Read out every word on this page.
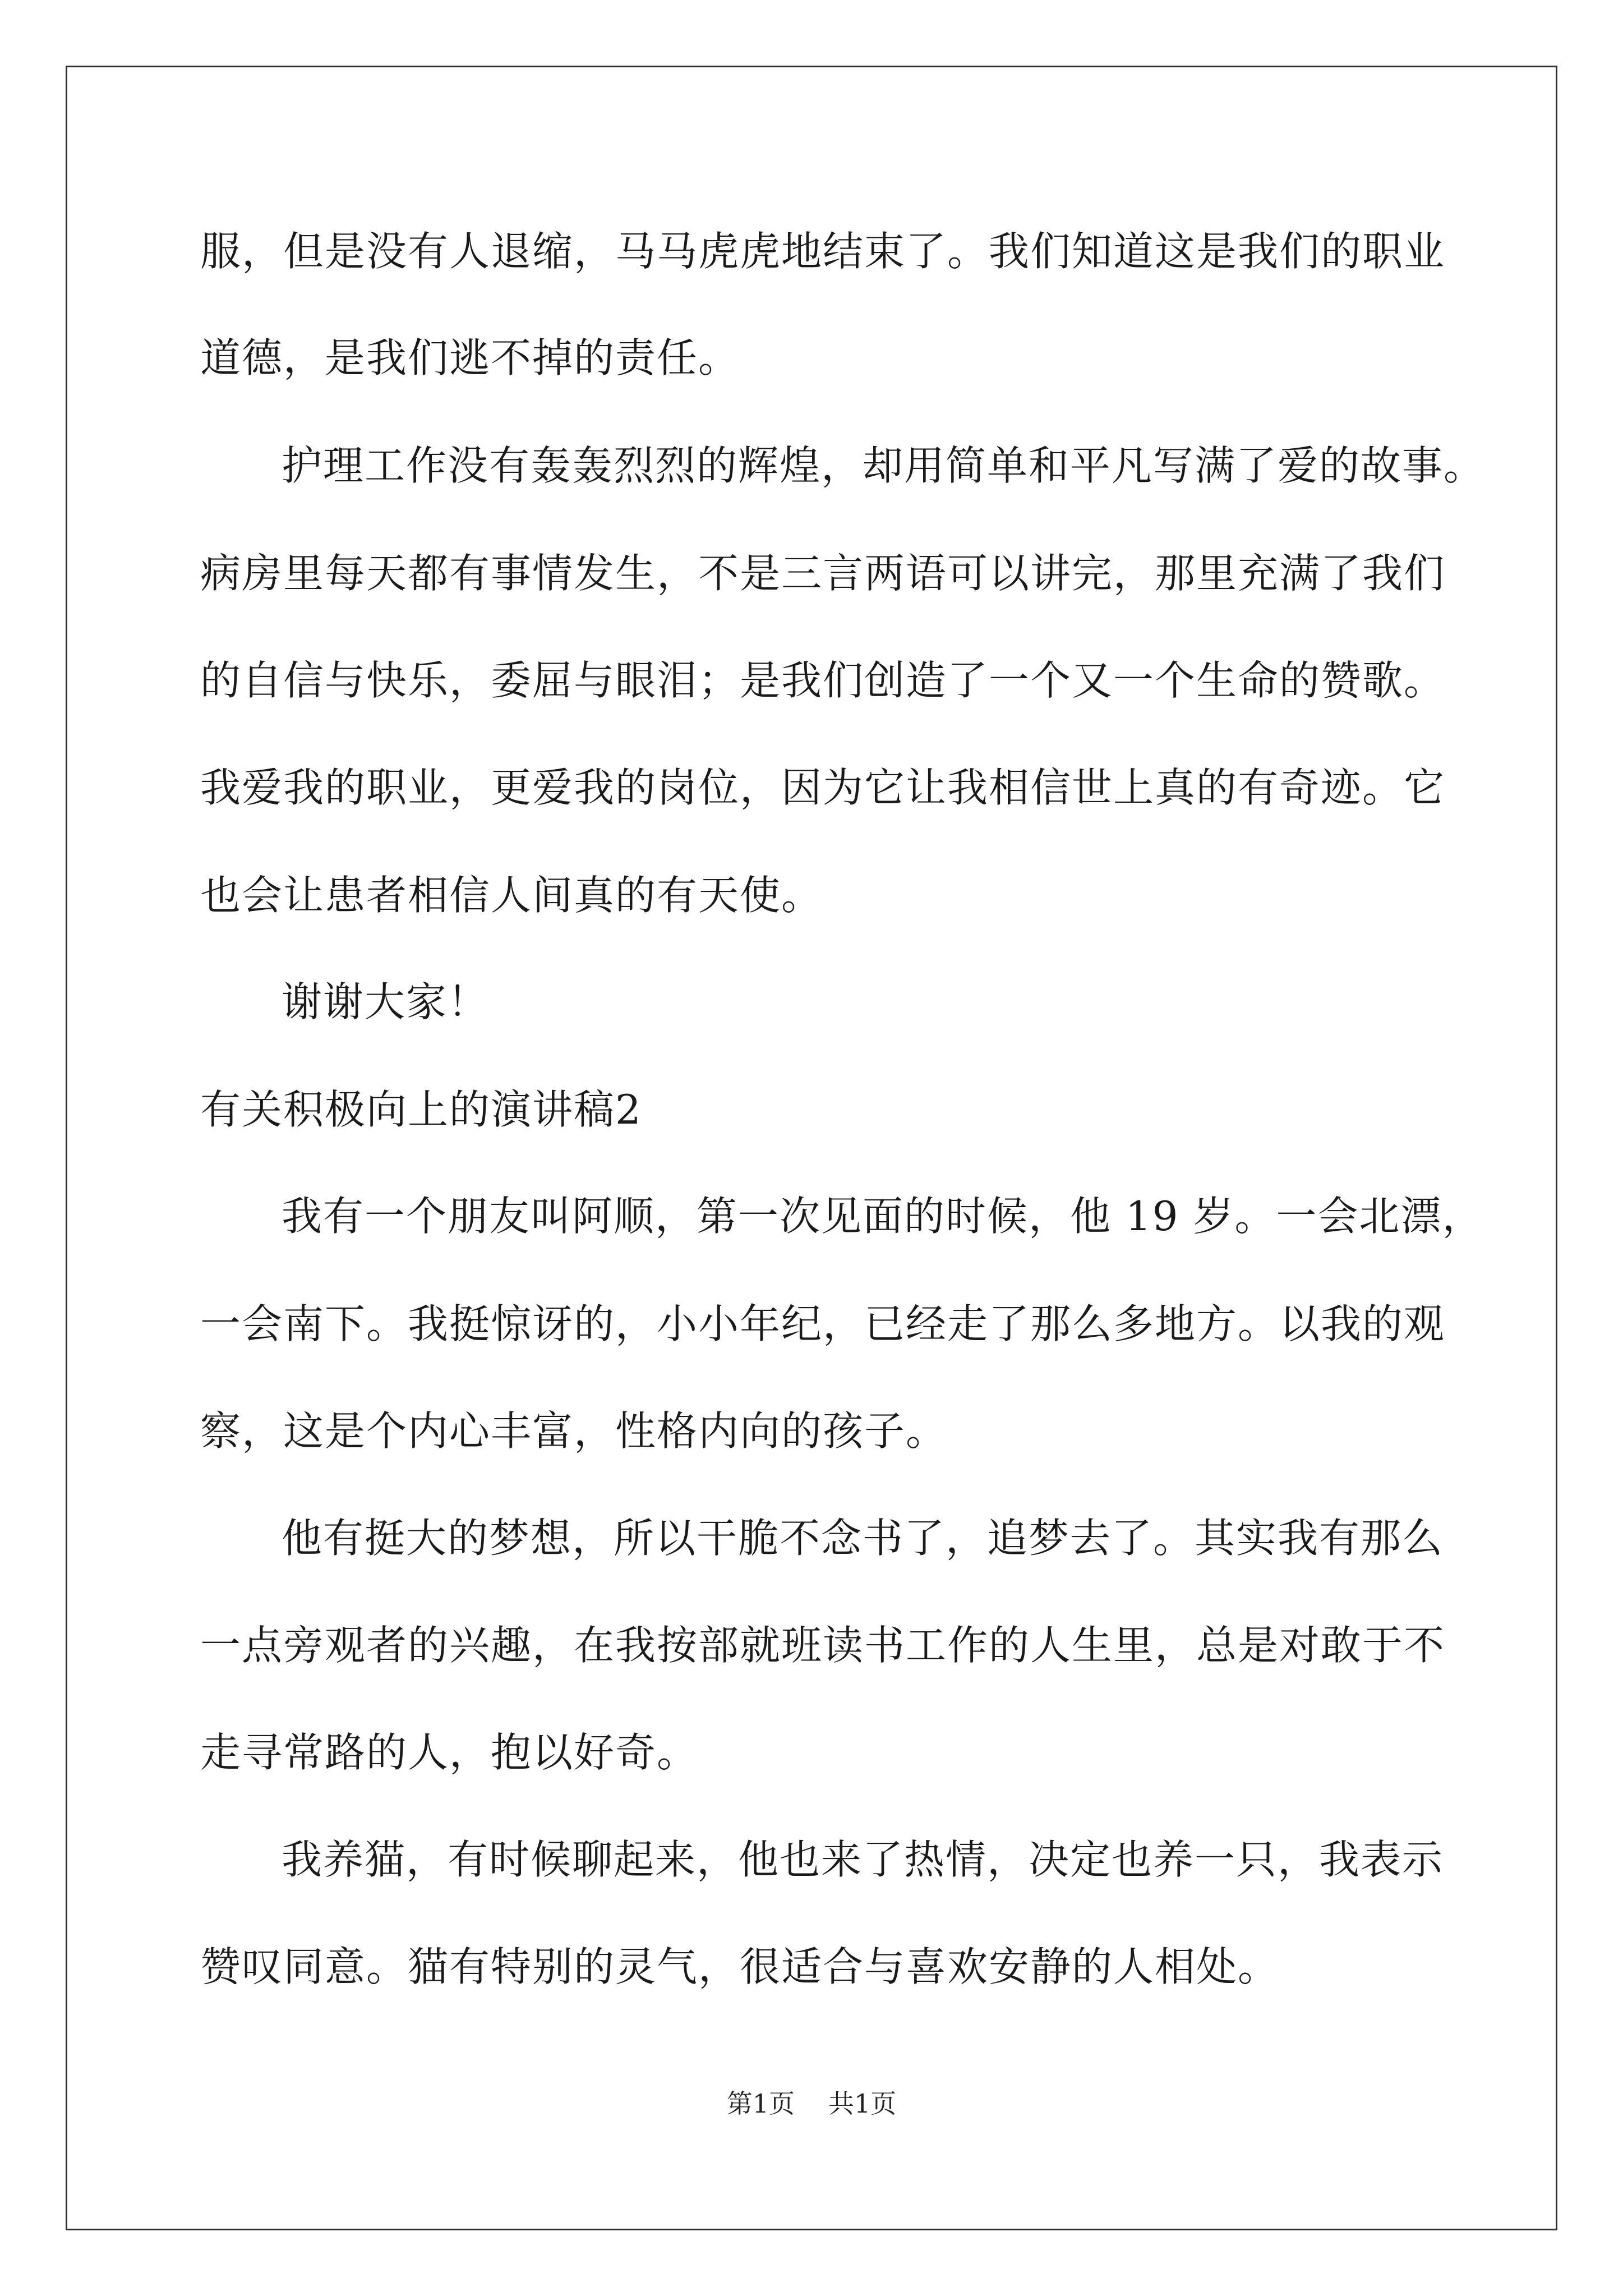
服，但是没有人退缩，马马虎虎地结束了。我们知道这是我们的职业
道德，是我们逃不掉的责任。
护理工作没有轰轰烈烈的辉煌，却用简单和平凡写满了爱的故事。
病房里每天都有事情发生，不是三言两语可以讲完，那里充满了我们
的自信与快乐，委屈与眼泪；是我们创造了一个又一个生命的赞歌。
我爱我的职业，更爱我的岗位，因为它让我相信世上真的有奇迹。它
也会让患者相信人间真的有天使。
谢谢大家！
有关积极向上的演讲稿2
我有一个朋友叫阿顺，第一次见面的时候，他 19 岁。一会北漂，
一会南下。我挺惊讶的，小小年纪，已经走了那么多地方。以我的观
察，这是个内心丰富，性格内向的孩子。
他有挺大的梦想，所以干脆不念书了，追梦去了。其实我有那么
一点旁观者的兴趣，在我按部就班读书工作的人生里，总是对敢于不
走寻常路的人，抱以好奇。
我养猫，有时候聊起来，他也来了热情，决定也养一只，我表示
赞叹同意。猫有特别的灵气，很适合与喜欢安静的人相处。
第1页 共1页
